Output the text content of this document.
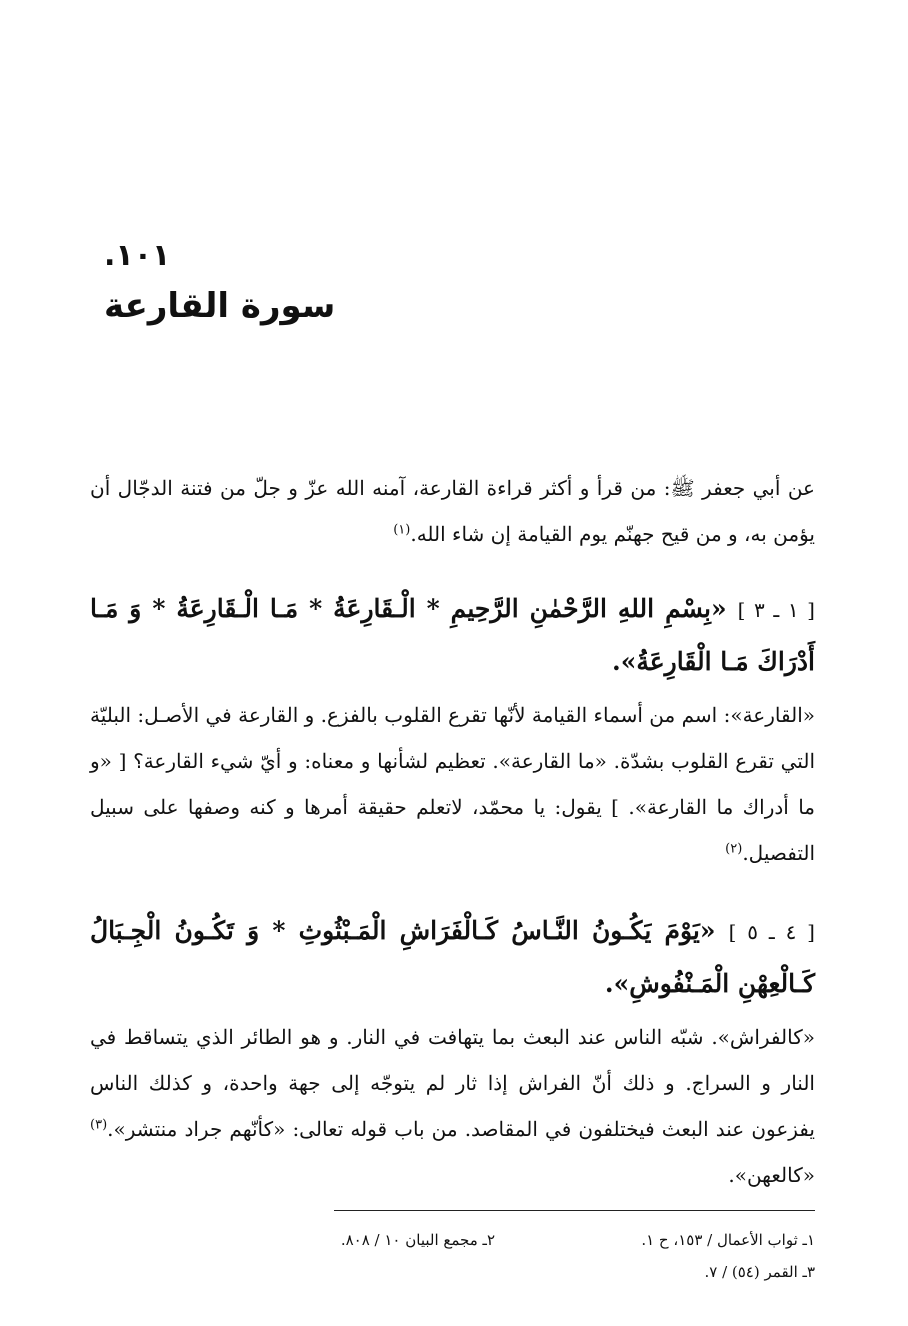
.١٠١
سورة القارعة

عن أبي جعفر ﷺ: من قرأ و أكثر قراءة القارعة، آمنه الله عزّ و جلّ من فتنة الدجّال أن يؤمن به، و من قيح جهنّم يوم القيامة إن شاء الله.$^{(١)}$

[ ١ ـ ٣ ] «بِسْمِ اللهِ الرَّحْمٰنِ الرَّحِيمِ * الْـقَارِعَةُ * مَـا الْـقَارِعَةُ * وَ مَـا أَدْرَاكَ مَـا الْقَارِعَةُ».

«القارعة»: اسم من أسماء القيامة لأنّها تقرع القلوب بالفزع. و القارعة في الأصـل: البليّة التي تقرع القلوب بشدّة. «ما القارعة». تعظيم لشأنها و معناه: و أيّ شيء القارعة؟ [ «و ما أدراك ما القارعة». ] يقول: يا محمّد، لاتعلم حقيقة أمرها و كنه وصفها على سبيل التفصيل.$^{(٢)}$

[ ٤ ـ ٥ ] «يَوْمَ يَكُـونُ النَّـاسُ كَـالْفَرَاشِ الْمَـبْثُوثِ * وَ تَكُـونُ الْجِـبَالُ كَـالْعِهْنِ الْمَـنْفُوشِ».

«كالفراش». شبّه الناس عند البعث بما يتهافت في النار. و هو الطائر الذي يتساقط في النار و السراج. و ذلك أنّ الفراش إذا ثار لم يتوجّه إلى جهة واحدة، و كذلك الناس يفزعون عند البعث فيختلفون في المقاصد. من باب قوله تعالى: «كأنّهم جراد منتشر».$^{(٣)}$ «كالعهن».

١ـ ثواب الأعمال / ١٥٣، ح ١.
٢ـ مجمع البيان ١٠ / ٨٠٨.
٣ـ القمر (٥٤) / ٧.
